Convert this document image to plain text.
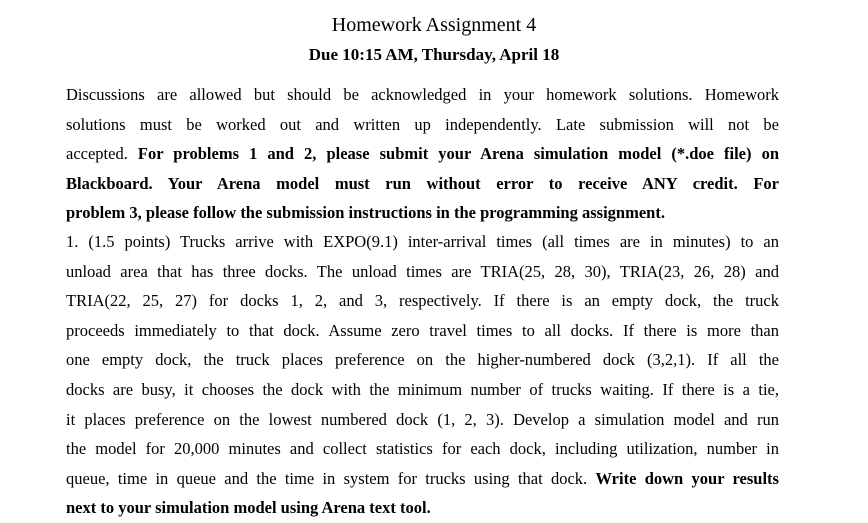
Homework Assignment 4
Due 10:15 AM, Thursday, April 18
Discussions are allowed but should be acknowledged in your homework solutions. Homework
solutions must be worked out and written up independently. Late submission will not be
accepted. For problems 1 and 2, please submit your Arena simulation model (*.doe file) on
Blackboard. Your Arena model must run without error to receive ANY credit. For
problem 3, please follow the submission instructions in the programming assignment.
1. (1.5 points) Trucks arrive with EXPO(9.1) inter-arrival times (all times are in minutes) to an
unload area that has three docks. The unload times are TRIA(25, 28, 30), TRIA(23, 26, 28) and
TRIA(22, 25, 27) for docks 1, 2, and 3, respectively. If there is an empty dock, the truck
proceeds immediately to that dock. Assume zero travel times to all docks. If there is more than
one empty dock, the truck places preference on the higher-numbered dock (3,2,1). If all the
docks are busy, it chooses the dock with the minimum number of trucks waiting. If there is a tie,
it places preference on the lowest numbered dock (1, 2, 3). Develop a simulation model and run
the model for 20,000 minutes and collect statistics for each dock, including utilization, number in
queue, time in queue and the time in system for trucks using that dock. Write down your results
next to your simulation model using Arena text tool.
